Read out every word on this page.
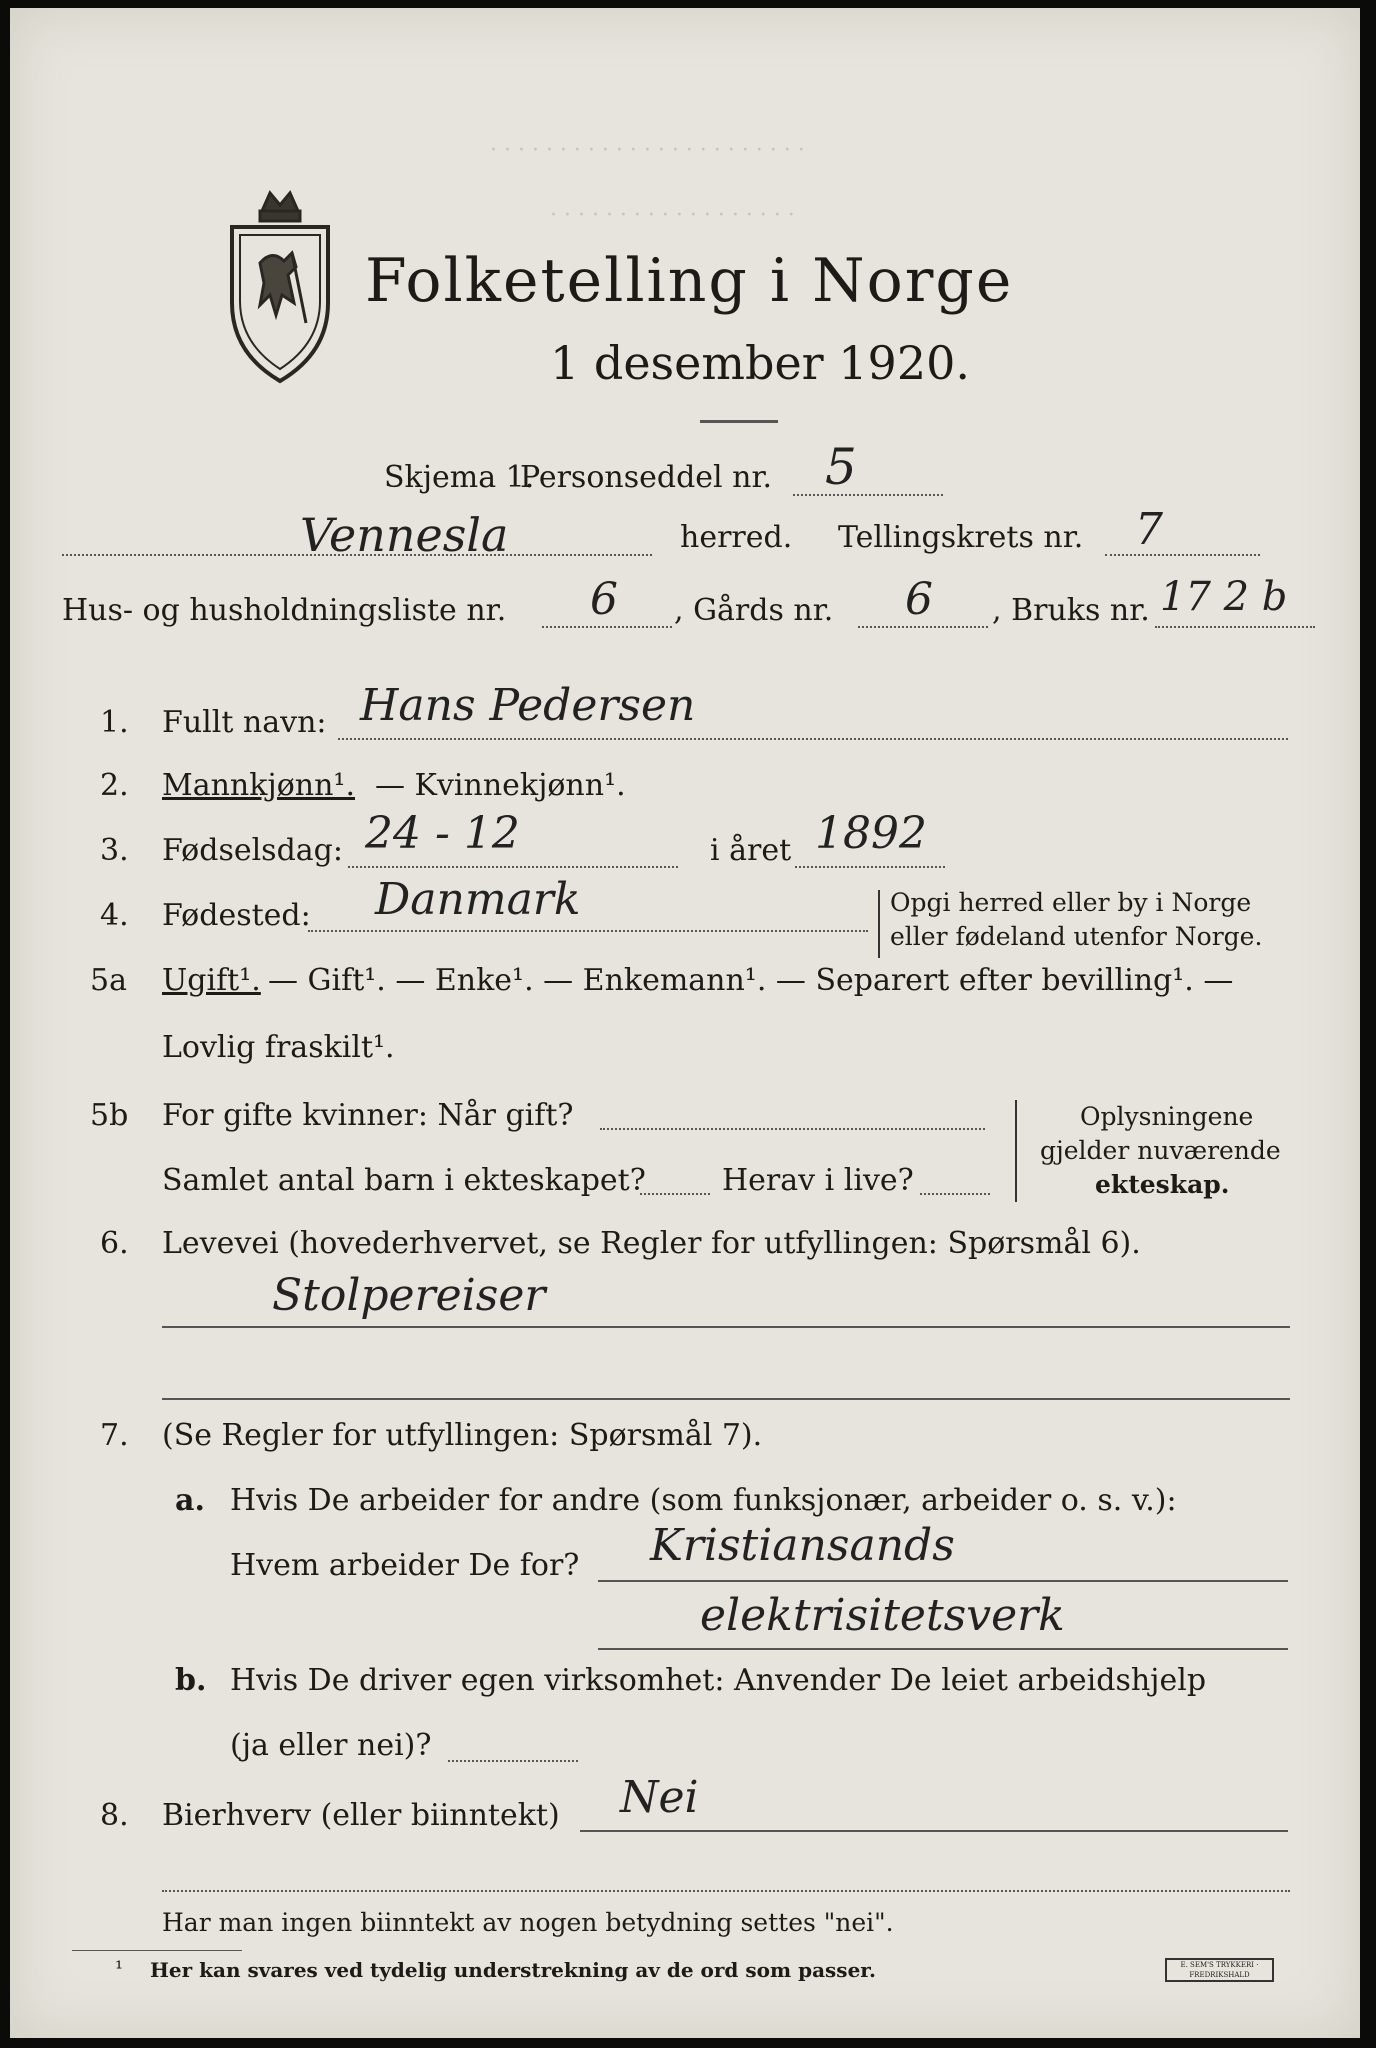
· · · · · · · · · · · · · · · · · · · · · · ·
· · · · · · · · · · · · · · · · · ·
Folketelling i Norge
1 desember 1920.
Skjema 1.
Personseddel nr. 5
Vennesla	herred. Tellingskrets nr. 7
Hus- og husholdningsliste nr. 6 , Gårds nr. 6 , Bruks nr. 17 2 b
1. Fullt navn: Hans Pedersen
2. Mannkjønn¹. — Kvinnekjønn¹.
3. Fødselsdag: 24 - 12	i året 1892
4. Fødested: Danmark	Opgi herred eller by i Norge
eller fødeland utenfor Norge.
5a Ugift¹. — Gift¹. — Enke¹. — Enkemann¹. — Separert efter bevilling¹. —
Lovlig fraskilt¹.
5b For gifte kvinner: Når gift?
Samlet antal barn i ekteskapet?	Herav i live?
Oplysningene
gjelder nuværende
ekteskap.
6. Levevei (hovederhvervet, se Regler for utfyllingen: Spørsmål 6).
Stolpereiser
7. (Se Regler for utfyllingen: Spørsmål 7).
a. Hvis De arbeider for andre (som funksjonær, arbeider o. s. v.):
Hvem arbeider De for? Kristiansands
elektrisitetsverk
b. Hvis De driver egen virksomhet: Anvender De leiet arbeidshjelp
(ja eller nei)?
8. Bierhverv (eller biinntekt) Nei
Har man ingen biinntekt av nogen betydning settes "nei".
¹ Her kan svares ved tydelig understrekning av de ord som passer.	E. SEM'S TRYKKERI · FREDRIKSHALD
